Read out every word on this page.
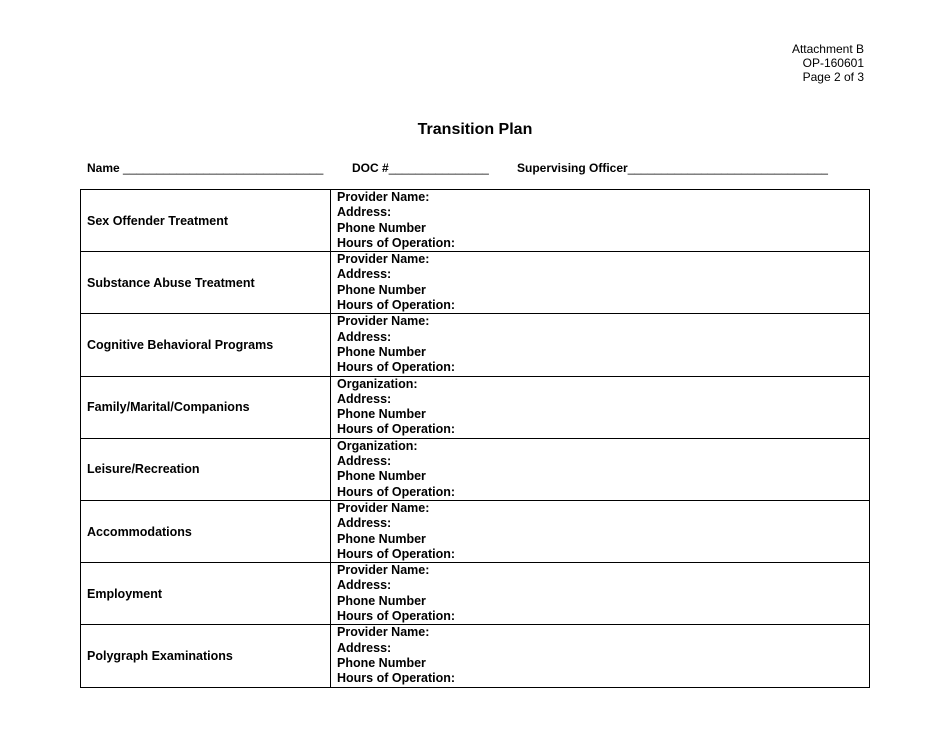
Attachment B
OP-160601
Page 2 of 3
Transition Plan
Name ______________________________ DOC #_______________ Supervising Officer______________________________
Sex Offender Treatment	Provider Name:
Address:
Phone Number
Hours of Operation:

Substance Abuse Treatment	Provider Name:
Address:
Phone Number
Hours of Operation:

Cognitive Behavioral Programs	Provider Name:
Address:
Phone Number
Hours of Operation:

Family/Marital/Companions	Organization:
Address:
Phone Number
Hours of Operation:

Leisure/Recreation	Organization:
Address:
Phone Number
Hours of Operation:

Accommodations	Provider Name:
Address:
Phone Number
Hours of Operation:

Employment	Provider Name:
Address:
Phone Number
Hours of Operation:

Polygraph Examinations	Provider Name:
Address:
Phone Number
Hours of Operation:
